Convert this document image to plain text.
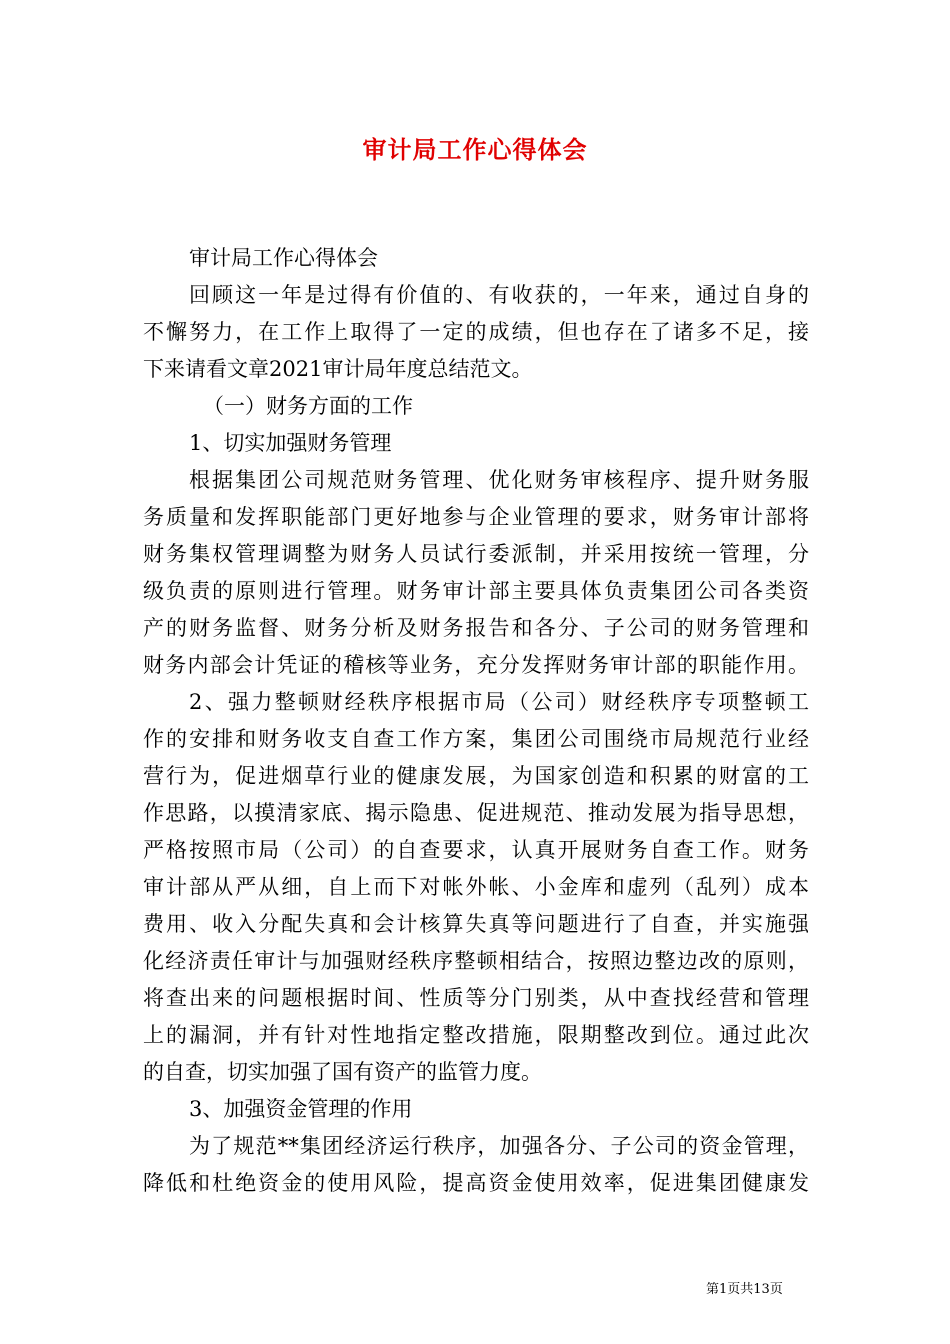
审计局工作心得体会
审计局工作心得体会
回顾这一年是过得有价值的、有收获的，一年来，通过自身的
不懈努力，在工作上取得了一定的成绩，但也存在了诸多不足，接
下来请看文章2021审计局年度总结范文。
（一）财务方面的工作
1、切实加强财务管理
根据集团公司规范财务管理、优化财务审核程序、提升财务服
务质量和发挥职能部门更好地参与企业管理的要求，财务审计部将
财务集权管理调整为财务人员试行委派制，并采用按统一管理，分
级负责的原则进行管理。财务审计部主要具体负责集团公司各类资
产的财务监督、财务分析及财务报告和各分、子公司的财务管理和
财务内部会计凭证的稽核等业务，充分发挥财务审计部的职能作用。
2、强力整顿财经秩序根据市局（公司）财经秩序专项整顿工
作的安排和财务收支自查工作方案，集团公司围绕市局规范行业经
营行为，促进烟草行业的健康发展，为国家创造和积累的财富的工
作思路，以摸清家底、揭示隐患、促进规范、推动发展为指导思想，
严格按照市局（公司）的自查要求，认真开展财务自查工作。财务
审计部从严从细，自上而下对帐外帐、小金库和虚列（乱列）成本
费用、收入分配失真和会计核算失真等问题进行了自查，并实施强
化经济责任审计与加强财经秩序整顿相结合，按照边整边改的原则，
将查出来的问题根据时间、性质等分门别类，从中查找经营和管理
上的漏洞，并有针对性地指定整改措施，限期整改到位。通过此次
的自查，切实加强了国有资产的监管力度。
3、加强资金管理的作用
为了规范**集团经济运行秩序，加强各分、子公司的资金管理，
降低和杜绝资金的使用风险，提高资金使用效率，促进集团健康发
第1页共13页
